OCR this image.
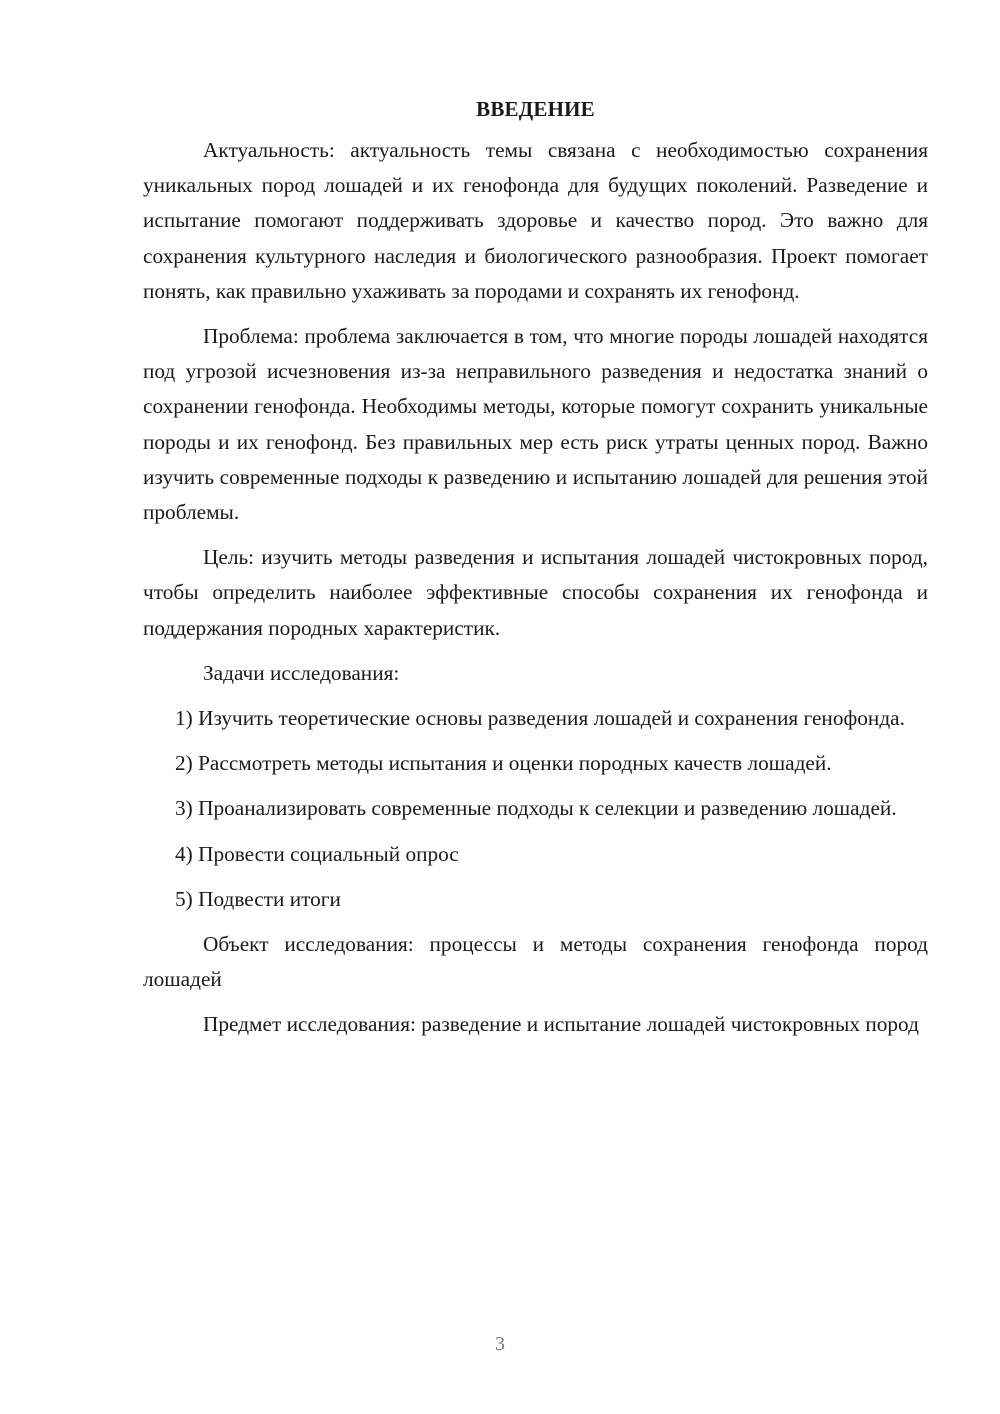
ВВЕДЕНИЕ

Актуальность: актуальность темы связана с необходимостью сохранения уникальных пород лошадей и их генофонда для будущих поколений. Разведение и испытание помогают поддерживать здоровье и качество пород. Это важно для сохранения культурного наследия и биологического разнообразия. Проект помогает понять, как правильно ухаживать за породами и сохранять их генофонд.

Проблема: проблема заключается в том, что многие породы лошадей находятся под угрозой исчезновения из-за неправильного разведения и недостатка знаний о сохранении генофонда. Необходимы методы, которые помогут сохранить уникальные породы и их генофонд. Без правильных мер есть риск утраты ценных пород. Важно изучить современные подходы к разведению и испытанию лошадей для решения этой проблемы.

Цель: изучить методы разведения и испытания лошадей чистокровных пород, чтобы определить наиболее эффективные способы сохранения их генофонда и поддержания породных характеристик.

Задачи исследования:

1) Изучить теоретические основы разведения лошадей и сохранения генофонда.

2) Рассмотреть методы испытания и оценки породных качеств лошадей.

3) Проанализировать современные подходы к селекции и разведению лошадей.

4) Провести социальный опрос

5) Подвести итоги

Объект исследования: процессы и методы сохранения генофонда пород лошадей

Предмет исследования: разведение и испытание лошадей чистокровных пород

3
